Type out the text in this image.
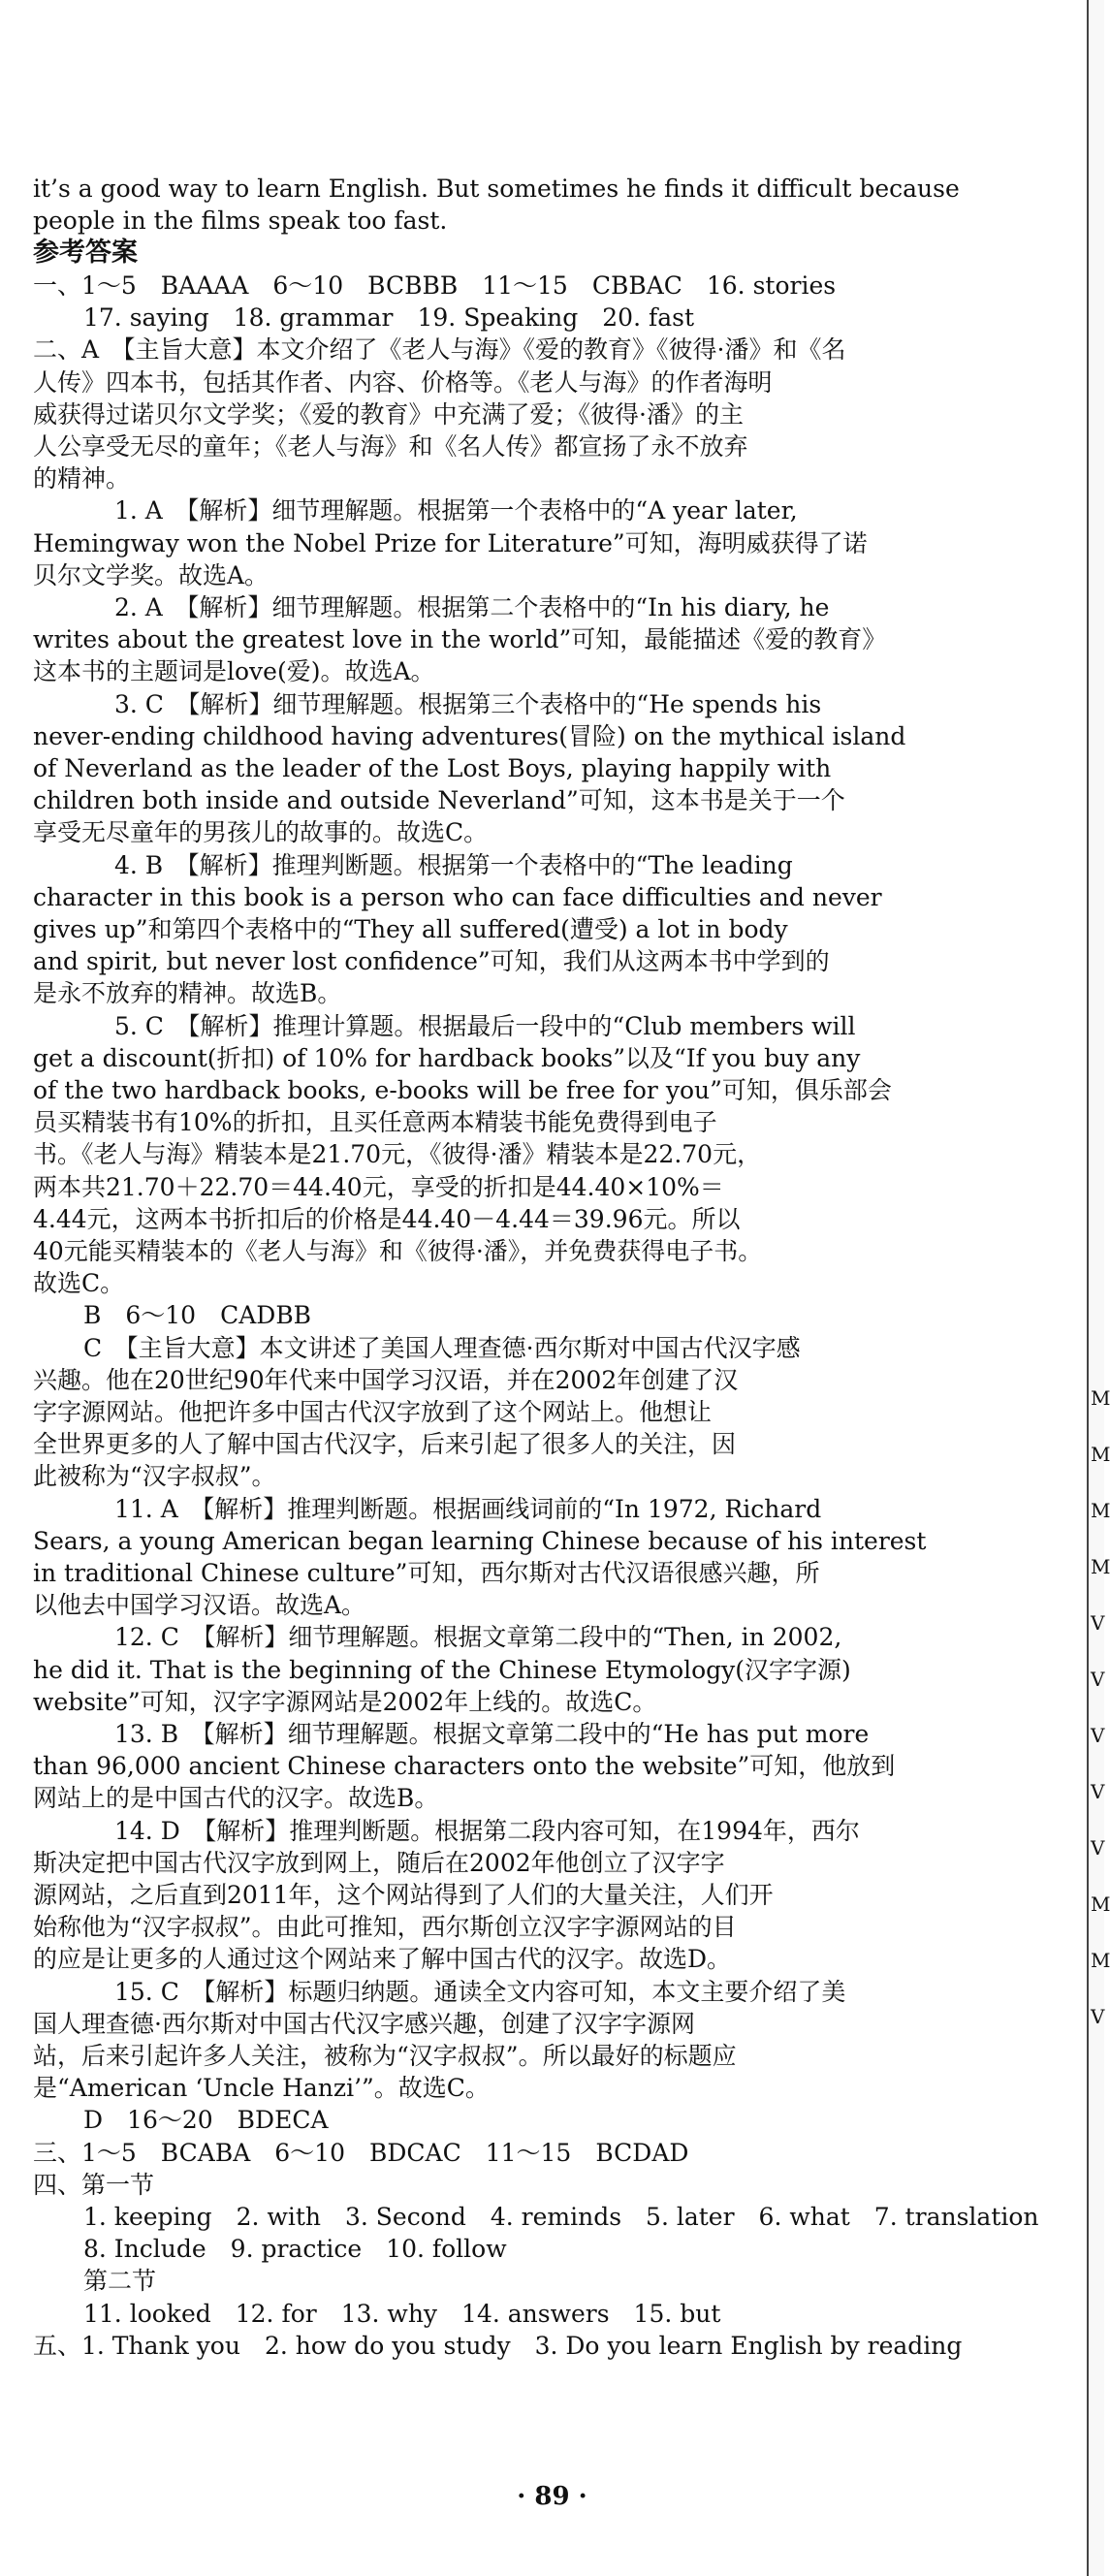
it’s a good way to learn English. But sometimes he finds it difficult because
people in the films speak too fast.
参考答案
一、1～5　BAAAA　6～10　BCBBB　11～15　CBBAC　16. stories
17. saying　18. grammar　19. Speaking　20. fast
二、A　【主旨大意】本文介绍了《老人与海》《爱的教育》《彼得·潘》和《名
人传》四本书，包括其作者、内容、价格等。《老人与海》的作者海明
威获得过诺贝尔文学奖；《爱的教育》中充满了爱；《彼得·潘》的主
人公享受无尽的童年；《老人与海》和《名人传》都宣扬了永不放弃
的精神。
1. A　【解析】细节理解题。根据第一个表格中的“A year later,
Hemingway won the Nobel Prize for Literature”可知，海明威获得了诺
贝尔文学奖。故选A。
2. A　【解析】细节理解题。根据第二个表格中的“In his diary, he
writes about the greatest love in the world”可知，最能描述《爱的教育》
这本书的主题词是love(爱)。故选A。
3. C　【解析】细节理解题。根据第三个表格中的“He spends his
never-ending childhood having adventures(冒险) on the mythical island
of Neverland as the leader of the Lost Boys, playing happily with
children both inside and outside Neverland”可知，这本书是关于一个
享受无尽童年的男孩儿的故事的。故选C。
4. B　【解析】推理判断题。根据第一个表格中的“The leading
character in this book is a person who can face difficulties and never
gives up”和第四个表格中的“They all suffered(遭受) a lot in body
and spirit, but never lost confidence”可知，我们从这两本书中学到的
是永不放弃的精神。故选B。
5. C　【解析】推理计算题。根据最后一段中的“Club members will
get a discount(折扣) of 10% for hardback books”以及“If you buy any
of the two hardback books, e-books will be free for you”可知，俱乐部会
员买精装书有10%的折扣，且买任意两本精装书能免费得到电子
书。《老人与海》精装本是21.70元，《彼得·潘》精装本是22.70元，
两本共21.70＋22.70＝44.40元，享受的折扣是44.40×10%＝
4.44元，这两本书折扣后的价格是44.40－4.44＝39.96元。所以
40元能买精装本的《老人与海》和《彼得·潘》，并免费获得电子书。
故选C。
B　6～10　CADBB
C　【主旨大意】本文讲述了美国人理查德·西尔斯对中国古代汉字感
兴趣。他在20世纪90年代来中国学习汉语，并在2002年创建了汉
字字源网站。他把许多中国古代汉字放到了这个网站上。他想让
全世界更多的人了解中国古代汉字，后来引起了很多人的关注，因
此被称为“汉字叔叔”。
11. A　【解析】推理判断题。根据画线词前的“In 1972, Richard
Sears, a young American began learning Chinese because of his interest
in traditional Chinese culture”可知，西尔斯对古代汉语很感兴趣，所
以他去中国学习汉语。故选A。
12. C　【解析】细节理解题。根据文章第二段中的“Then, in 2002,
he did it. That is the beginning of the Chinese Etymology(汉字字源)
website”可知，汉字字源网站是2002年上线的。故选C。
13. B　【解析】细节理解题。根据文章第二段中的“He has put more
than 96,000 ancient Chinese characters onto the website”可知，他放到
网站上的是中国古代的汉字。故选B。
14. D　【解析】推理判断题。根据第二段内容可知，在1994年，西尔
斯决定把中国古代汉字放到网上，随后在2002年他创立了汉字字
源网站，之后直到2011年，这个网站得到了人们的大量关注，人们开
始称他为“汉字叔叔”。由此可推知，西尔斯创立汉字字源网站的目
的应是让更多的人通过这个网站来了解中国古代的汉字。故选D。
15. C　【解析】标题归纳题。通读全文内容可知，本文主要介绍了美
国人理查德·西尔斯对中国古代汉字感兴趣，创建了汉字字源网
站，后来引起许多人关注，被称为“汉字叔叔”。所以最好的标题应
是“American ‘Uncle Hanzi’”。故选C。
D　16～20　BDECA
三、1～5　BCABA　6～10　BDCAC　11～15　BCDAD
四、第一节
1. keeping　2. with　3. Second　4. reminds　5. later　6. what　7. translation
8. Include　9. practice　10. follow
第二节
11. looked　12. for　13. why　14. answers　15. but
五、1. Thank you　2. how do you study　3. Do you learn English by reading
M
M
M
M
V
V
V
V
V
M
M
V
· 89 ·
